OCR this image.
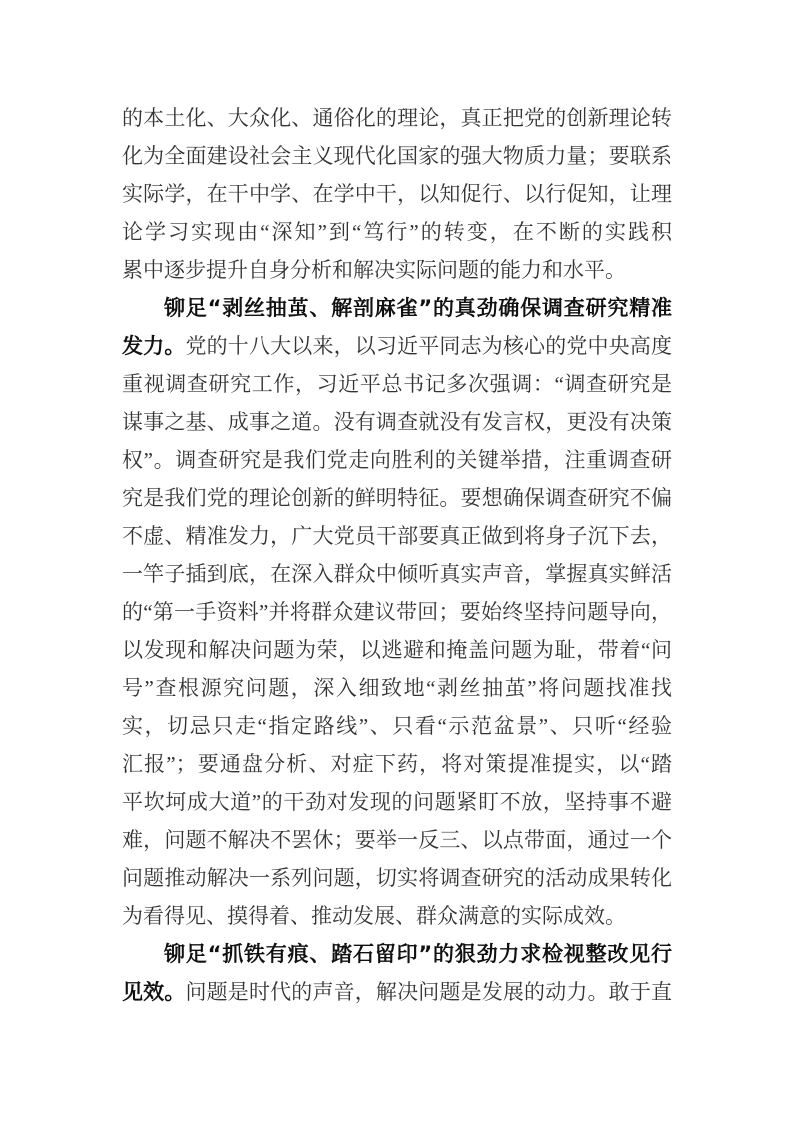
的本土化、大众化、通俗化的理论，真正把党的创新理论转
化为全面建设社会主义现代化国家的强大物质力量；要联系
实际学，在干中学、在学中干，以知促行、以行促知，让理
论学习实现由“深知”到“笃行”的转变，在不断的实践积
累中逐步提升自身分析和解决实际问题的能力和水平。
铆足“剥丝抽茧、解剖麻雀”的真劲确保调查研究精准
发力。党的十八大以来，以习近平同志为核心的党中央高度
重视调查研究工作，习近平总书记多次强调：“调查研究是
谋事之基、成事之道。没有调查就没有发言权，更没有决策
权”。调查研究是我们党走向胜利的关键举措，注重调查研
究是我们党的理论创新的鲜明特征。要想确保调查研究不偏
不虚、精准发力，广大党员干部要真正做到将身子沉下去，
一竿子插到底，在深入群众中倾听真实声音，掌握真实鲜活
的“第一手资料”并将群众建议带回；要始终坚持问题导向，
以发现和解决问题为荣，以逃避和掩盖问题为耻，带着“问
号”查根源究问题，深入细致地“剥丝抽茧”将问题找准找
实，切忌只走“指定路线”、只看“示范盆景”、只听“经验
汇报”；要通盘分析、对症下药，将对策提准提实，以“踏
平坎坷成大道”的干劲对发现的问题紧盯不放，坚持事不避
难，问题不解决不罢休；要举一反三、以点带面，通过一个
问题推动解决一系列问题，切实将调查研究的活动成果转化
为看得见、摸得着、推动发展、群众满意的实际成效。
铆足“抓铁有痕、踏石留印”的狠劲力求检视整改见行
见效。问题是时代的声音，解决问题是发展的动力。敢于直
